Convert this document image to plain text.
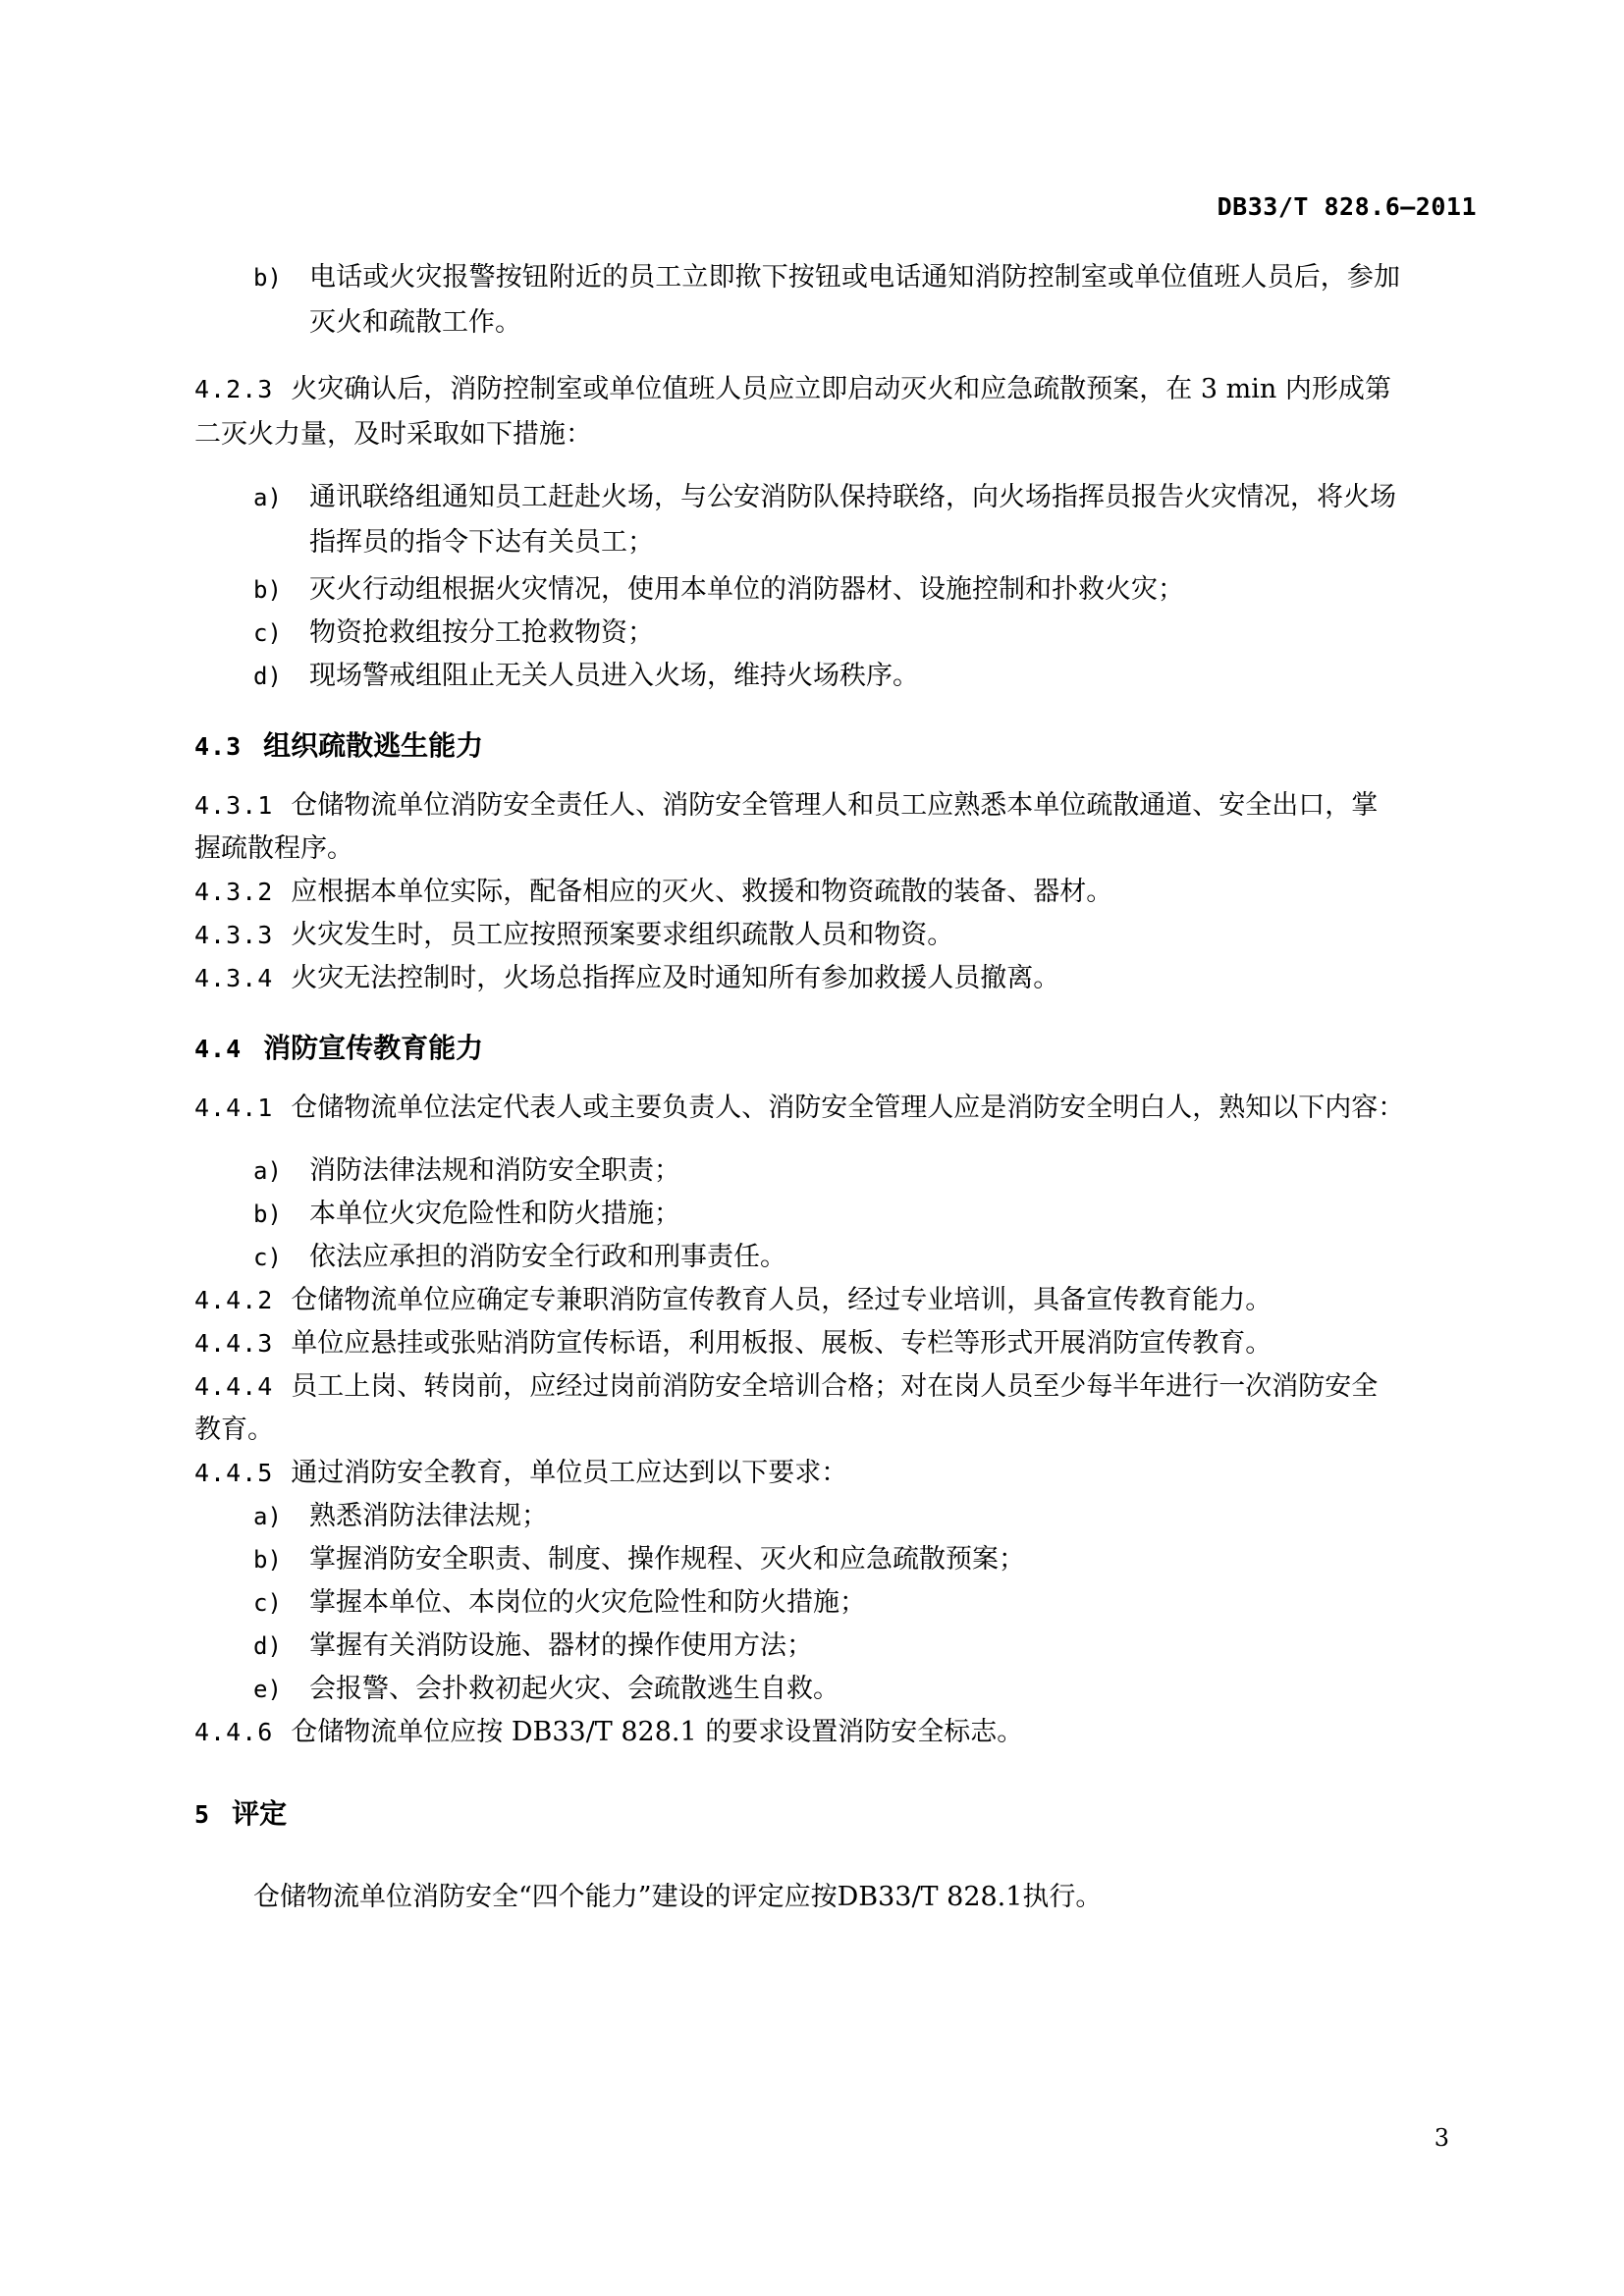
DB33/T 828.6—2011
b)	电话或火灾报警按钮附近的员工立即揿下按钮或电话通知消防控制室或单位值班人员后，参加
灭火和疏散工作。
4.2.3 火灾确认后，消防控制室或单位值班人员应立即启动灭火和应急疏散预案，在 3 min 内形成第
二灭火力量，及时采取如下措施：
a)	通讯联络组通知员工赶赴火场，与公安消防队保持联络，向火场指挥员报告火灾情况，将火场
指挥员的指令下达有关员工；
b)	灭火行动组根据火灾情况，使用本单位的消防器材、设施控制和扑救火灾；
c)	物资抢救组按分工抢救物资；
d)	现场警戒组阻止无关人员进入火场，维持火场秩序。
4.3 组织疏散逃生能力
4.3.1 仓储物流单位消防安全责任人、消防安全管理人和员工应熟悉本单位疏散通道、安全出口，掌
握疏散程序。
4.3.2 应根据本单位实际，配备相应的灭火、救援和物资疏散的装备、器材。
4.3.3 火灾发生时，员工应按照预案要求组织疏散人员和物资。
4.3.4 火灾无法控制时，火场总指挥应及时通知所有参加救援人员撤离。
4.4 消防宣传教育能力
4.4.1 仓储物流单位法定代表人或主要负责人、消防安全管理人应是消防安全明白人，熟知以下内容：
a)	消防法律法规和消防安全职责；
b)	本单位火灾危险性和防火措施；
c)	依法应承担的消防安全行政和刑事责任。
4.4.2 仓储物流单位应确定专兼职消防宣传教育人员，经过专业培训，具备宣传教育能力。
4.4.3 单位应悬挂或张贴消防宣传标语，利用板报、展板、专栏等形式开展消防宣传教育。
4.4.4 员工上岗、转岗前，应经过岗前消防安全培训合格；对在岗人员至少每半年进行一次消防安全
教育。
4.4.5 通过消防安全教育，单位员工应达到以下要求：
a)	熟悉消防法律法规；
b)	掌握消防安全职责、制度、操作规程、灭火和应急疏散预案；
c)	掌握本单位、本岗位的火灾危险性和防火措施；
d)	掌握有关消防设施、器材的操作使用方法；
e)	会报警、会扑救初起火灾、会疏散逃生自救。
4.4.6 仓储物流单位应按 DB33/T 828.1 的要求设置消防安全标志。
5 评定
仓储物流单位消防安全“四个能力”建设的评定应按DB33/T 828.1执行。
3
